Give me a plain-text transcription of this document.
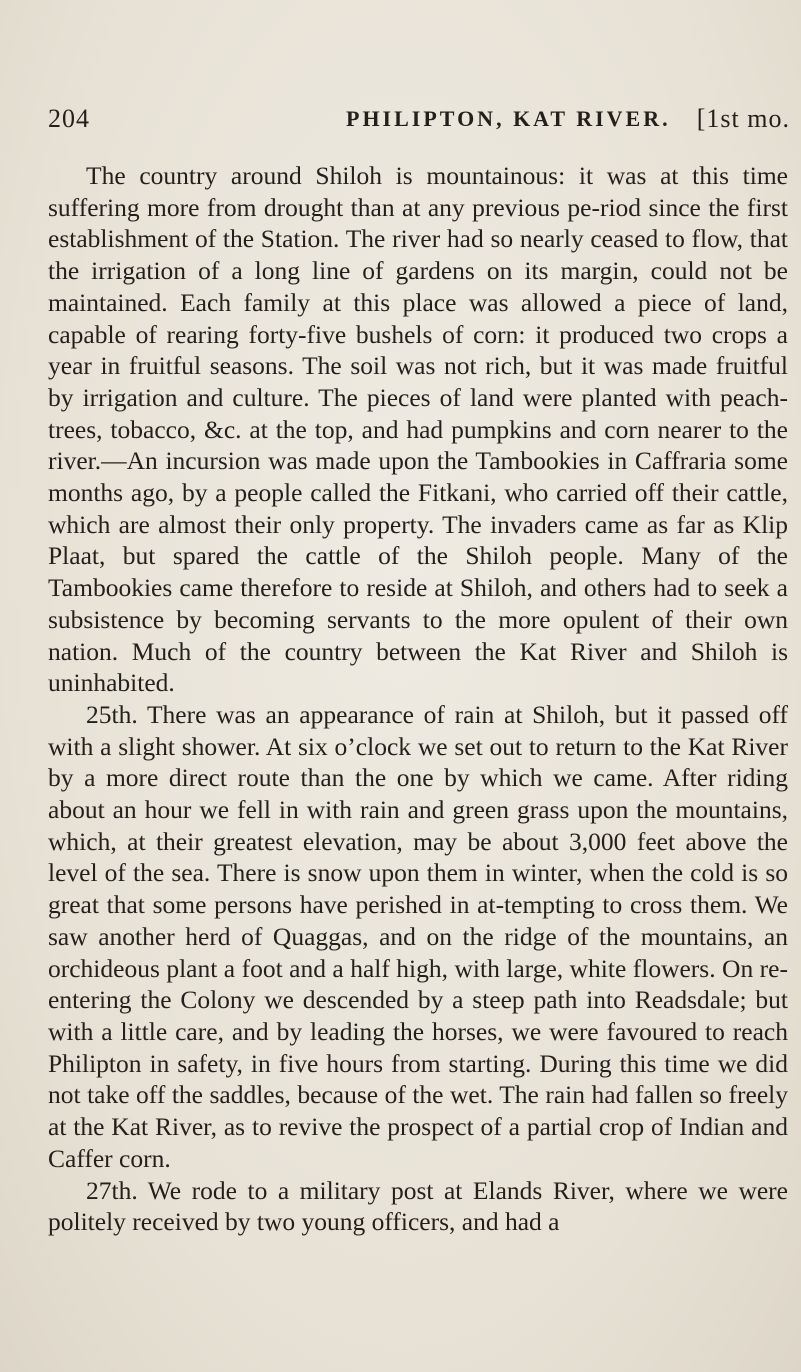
204	PHILIPTON, KAT RIVER. [1st mo.

The country around Shiloh is mountainous: it was at this time suffering more from drought than at any previous pe-riod since the first establishment of the Station. The river had so nearly ceased to flow, that the irrigation of a long line of gardens on its margin, could not be maintained. Each family at this place was allowed a piece of land, capable of rearing forty-five bushels of corn: it produced two crops a year in fruitful seasons. The soil was not rich, but it was made fruitful by irrigation and culture. The pieces of land were planted with peach-trees, tobacco, &c. at the top, and had pumpkins and corn nearer to the river.—An incursion was made upon the Tambookies in Caffraria some months ago, by a people called the Fitkani, who carried off their cattle, which are almost their only property. The invaders came as far as Klip Plaat, but spared the cattle of the Shiloh people. Many of the Tambookies came therefore to reside at Shiloh, and others had to seek a subsistence by becoming servants to the more opulent of their own nation. Much of the country between the Kat River and Shiloh is uninhabited.

25th. There was an appearance of rain at Shiloh, but it passed off with a slight shower. At six o’clock we set out to return to the Kat River by a more direct route than the one by which we came. After riding about an hour we fell in with rain and green grass upon the mountains, which, at their greatest elevation, may be about 3,000 feet above the level of the sea. There is snow upon them in winter, when the cold is so great that some persons have perished in at-tempting to cross them. We saw another herd of Quaggas, and on the ridge of the mountains, an orchideous plant a foot and a half high, with large, white flowers. On re-entering the Colony we descended by a steep path into Readsdale; but with a little care, and by leading the horses, we were favoured to reach Philipton in safety, in five hours from starting. During this time we did not take off the saddles, because of the wet. The rain had fallen so freely at the Kat River, as to revive the prospect of a partial crop of Indian and Caffer corn.

27th. We rode to a military post at Elands River, where we were politely received by two young officers, and had a
